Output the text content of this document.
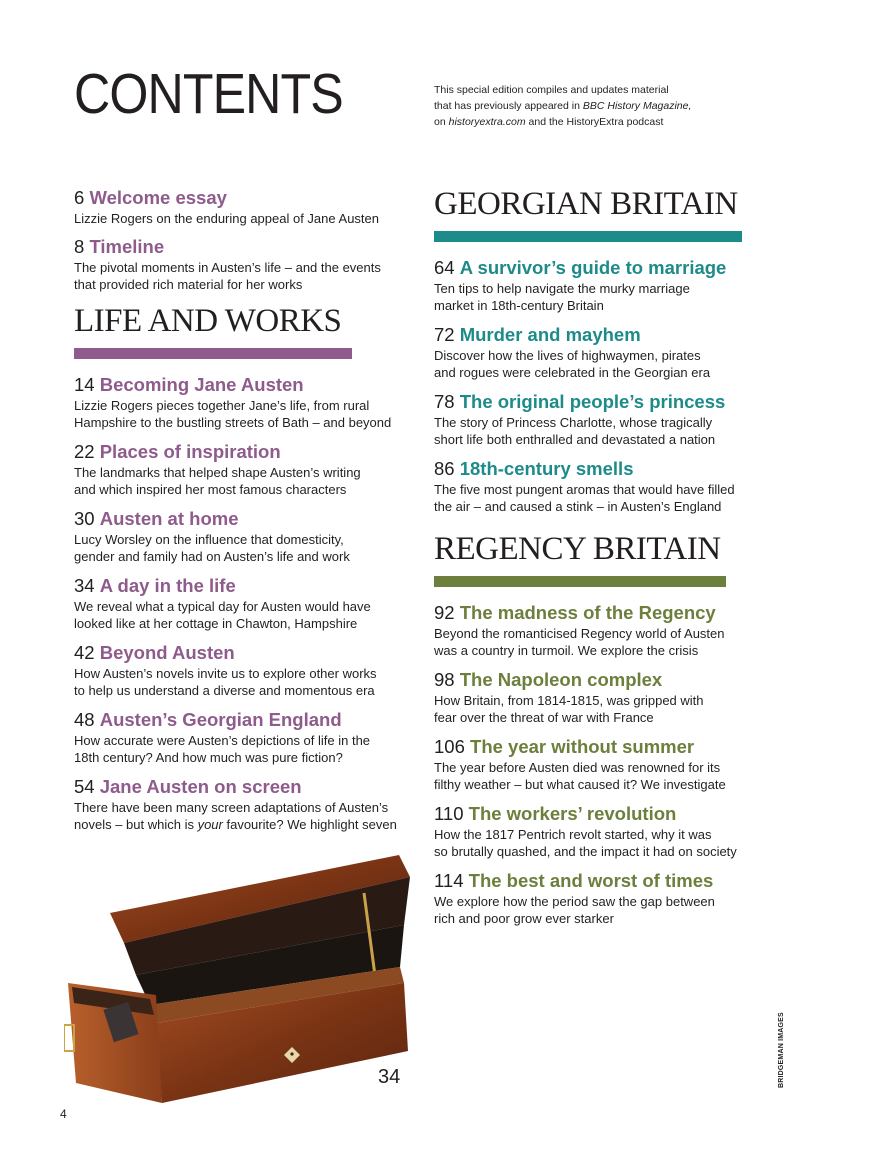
CONTENTS	This special edition compiles and updates material
that has previously appeared in BBC History Magazine,
on historyextra.com and the HistoryExtra podcast
6 Welcome essay
Lizzie Rogers on the enduring appeal of Jane Austen
8 Timeline
The pivotal moments in Austen’s life – and the events
that provided rich material for her works
LIFE AND WORKS
14 Becoming Jane Austen
Lizzie Rogers pieces together Jane’s life, from rural
Hampshire to the bustling streets of Bath – and beyond
22 Places of inspiration
The landmarks that helped shape Austen’s writing
and which inspired her most famous characters
30 Austen at home
Lucy Worsley on the influence that domesticity,
gender and family had on Austen’s life and work
34 A day in the life
We reveal what a typical day for Austen would have
looked like at her cottage in Chawton, Hampshire
42 Beyond Austen
How Austen’s novels invite us to explore other works
to help us understand a diverse and momentous era
48 Austen’s Georgian England
How accurate were Austen’s depictions of life in the
18th century? And how much was pure fiction?
54 Jane Austen on screen
There have been many screen adaptations of Austen’s
novels – but which is your favourite? We highlight seven
GEORGIAN BRITAIN
64 A survivor’s guide to marriage
Ten tips to help navigate the murky marriage
market in 18th-century Britain
72 Murder and mayhem
Discover how the lives of highwaymen, pirates
and rogues were celebrated in the Georgian era
78 The original people’s princess
The story of Princess Charlotte, whose tragically
short life both enthralled and devastated a nation
86 18th-century smells
The five most pungent aromas that would have filled
the air – and caused a stink – in Austen’s England
REGENCY BRITAIN
92 The madness of the Regency
Beyond the romanticised Regency world of Austen
was a country in turmoil. We explore the crisis
98 The Napoleon complex
How Britain, from 1814-1815, was gripped with
fear over the threat of war with France
106 The year without summer
The year before Austen died was renowned for its
filthy weather – but what caused it? We investigate
110 The workers’ revolution
How the 1817 Pentrich revolt started, why it was
so brutally quashed, and the impact it had on society
114 The best and worst of times
We explore how the period saw the gap between
rich and poor grow ever starker
34
4
BRIDGEMAN IMAGES
